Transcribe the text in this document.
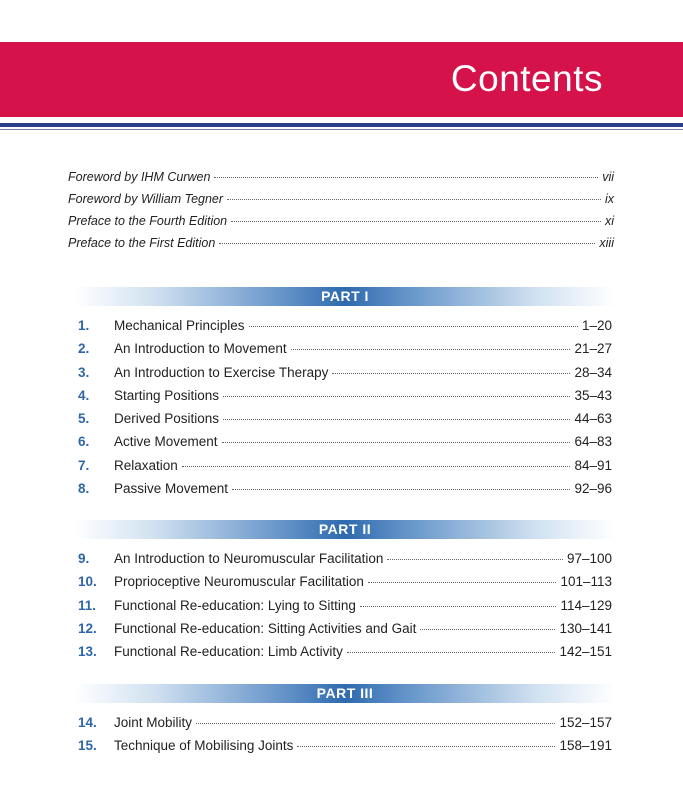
Contents
Foreword by IHM Curwen	vii
Foreword by William Tegner	ix
Preface to the Fourth Edition	xi
Preface to the First Edition	xiii
PART I
1.	Mechanical Principles	1–20
2.	An Introduction to Movement	21–27
3.	An Introduction to Exercise Therapy	28–34
4.	Starting Positions	35–43
5.	Derived Positions	44–63
6.	Active Movement	64–83
7.	Relaxation	84–91
8.	Passive Movement	92–96
PART II
9.	An Introduction to Neuromuscular Facilitation	97–100
10.	Proprioceptive Neuromuscular Facilitation	101–113
11.	Functional Re-education: Lying to Sitting	114–129
12.	Functional Re-education: Sitting Activities and Gait	130–141
13.	Functional Re-education: Limb Activity	142–151
PART III
14.	Joint Mobility	152–157
15.	Technique of Mobilising Joints	158–191
